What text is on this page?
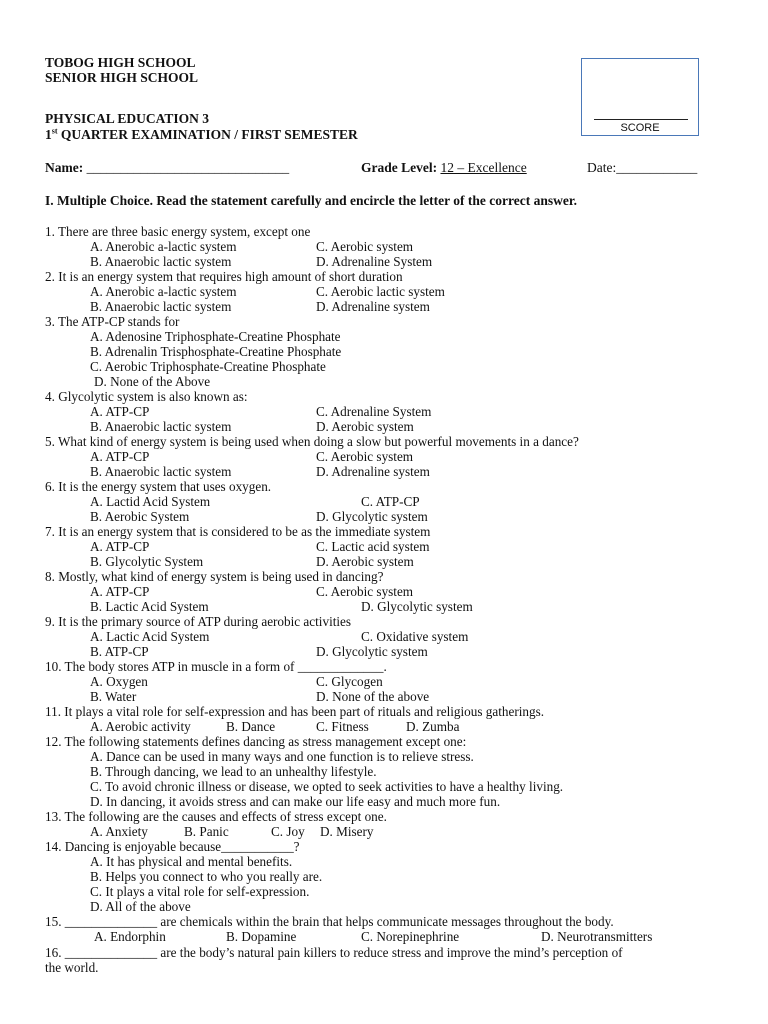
TOBOG HIGH SCHOOL
SENIOR HIGH SCHOOL
PHYSICAL EDUCATION 3
1st QUARTER EXAMINATION / FIRST SEMESTER	SCORE
Name: ______________________________	Grade Level: 12 – Excellence	Date:____________
I. Multiple Choice. Read the statement carefully and encircle the letter of the correct answer.
1. There are three basic energy system, except one
A. Anerobic a-lactic system	C. Aerobic system
B. Anaerobic lactic system	D. Adrenaline System
2. It is an energy system that requires high amount of short duration
A. Anerobic a-lactic system	C. Aerobic lactic system
B. Anaerobic lactic system	D. Adrenaline system
3. The ATP-CP stands for
A. Adenosine Triphosphate-Creatine Phosphate
B. Adrenalin Trisphosphate-Creatine Phosphate
C. Aerobic Triphosphate-Creatine Phosphate
D. None of the Above
4. Glycolytic system is also known as:
A. ATP-CP	C. Adrenaline System
B. Anaerobic lactic system	D. Aerobic system
5. What kind of energy system is being used when doing a slow but powerful movements in a dance?
A. ATP-CP	C. Aerobic system
B. Anaerobic lactic system	D. Adrenaline system
6. It is the energy system that uses oxygen.
A. Lactid Acid System	C. ATP-CP
B. Aerobic System	D. Glycolytic system
7. It is an energy system that is considered to be as the immediate system
A. ATP-CP	C. Lactic acid system
B. Glycolytic System	D. Aerobic system
8. Mostly, what kind of energy system is being used in dancing?
A. ATP-CP	C. Aerobic system
B. Lactic Acid System	D. Glycolytic system
9. It is the primary source of ATP during aerobic activities
A. Lactic Acid System	C. Oxidative system
B. ATP-CP	D. Glycolytic system
10. The body stores ATP in muscle in a form of _____________.
A. Oxygen	C. Glycogen
B. Water	D. None of the above
11. It plays a vital role for self-expression and has been part of rituals and religious gatherings.
A. Aerobic activity	B. Dance	C. Fitness	D. Zumba
12. The following statements defines dancing as stress management except one:
A. Dance can be used in many ways and one function is to relieve stress.
B. Through dancing, we lead to an unhealthy lifestyle.
C. To avoid chronic illness or disease, we opted to seek activities to have a healthy living.
D. In dancing, it avoids stress and can make our life easy and much more fun.
13. The following are the causes and effects of stress except one.
A. Anxiety	B. Panic	C. Joy D. Misery
14. Dancing is enjoyable because___________?
A. It has physical and mental benefits.
B. Helps you connect to who you really are.
C. It plays a vital role for self-expression.
D. All of the above
15. ______________ are chemicals within the brain that helps communicate messages throughout the body.
A. Endorphin	B. Dopamine	C. Norepinephrine	D. Neurotransmitters
16. ______________ are the body’s natural pain killers to reduce stress and improve the mind’s perception of
the world.
